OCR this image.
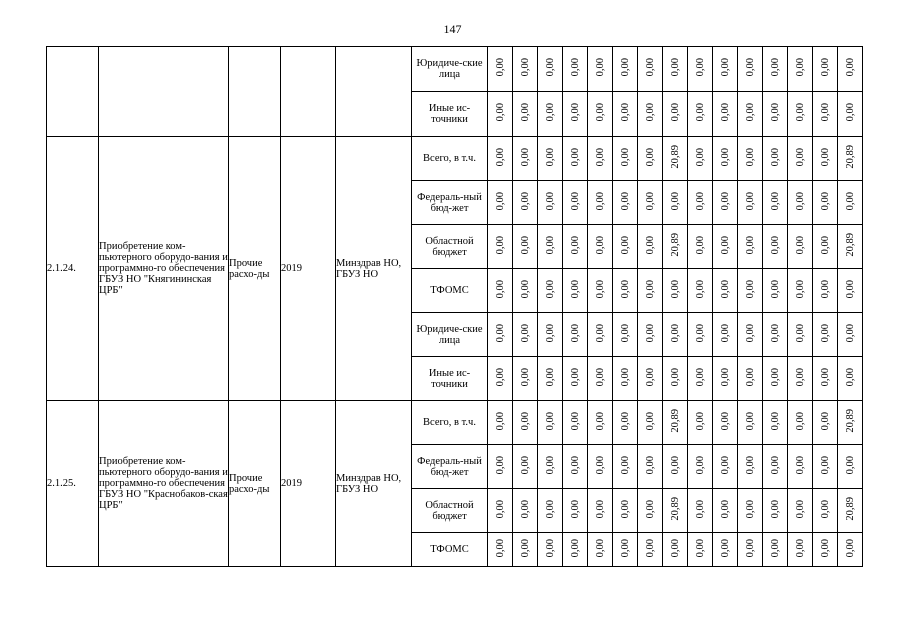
147
					Юридиче-ские лица	0,00	0,00	0,00	0,00	0,00	0,00	0,00	0,00	0,00	0,00	0,00	0,00	0,00	0,00	0,00
					Иные ис-точники	0,00	0,00	0,00	0,00	0,00	0,00	0,00	0,00	0,00	0,00	0,00	0,00	0,00	0,00	0,00
2.1.24.	Приобретение ком-пьютерного оборудо-вания и программно-го обеспечения ГБУЗ НО "Княгининская ЦРБ"	Прочие расхо-ды	2019	Минздрав НО, ГБУЗ НО	Всего, в т.ч.	0,00	0,00	0,00	0,00	0,00	0,00	0,00	20,89	0,00	0,00	0,00	0,00	0,00	0,00	20,89
					Федераль-ный бюд-жет	0,00	0,00	0,00	0,00	0,00	0,00	0,00	0,00	0,00	0,00	0,00	0,00	0,00	0,00	0,00
					Областной бюджет	0,00	0,00	0,00	0,00	0,00	0,00	0,00	20,89	0,00	0,00	0,00	0,00	0,00	0,00	20,89
					ТФОМС	0,00	0,00	0,00	0,00	0,00	0,00	0,00	0,00	0,00	0,00	0,00	0,00	0,00	0,00	0,00
					Юридиче-ские лица	0,00	0,00	0,00	0,00	0,00	0,00	0,00	0,00	0,00	0,00	0,00	0,00	0,00	0,00	0,00
					Иные ис-точники	0,00	0,00	0,00	0,00	0,00	0,00	0,00	0,00	0,00	0,00	0,00	0,00	0,00	0,00	0,00
2.1.25.	Приобретение ком-пьютерного оборудо-вания и программно-го обеспечения ГБУЗ НО "Краснобаков-ская ЦРБ"	Прочие расхо-ды	2019	Минздрав НО, ГБУЗ НО	Всего, в т.ч.	0,00	0,00	0,00	0,00	0,00	0,00	0,00	20,89	0,00	0,00	0,00	0,00	0,00	0,00	20,89
					Федераль-ный бюд-жет	0,00	0,00	0,00	0,00	0,00	0,00	0,00	0,00	0,00	0,00	0,00	0,00	0,00	0,00	0,00
					Областной бюджет	0,00	0,00	0,00	0,00	0,00	0,00	0,00	20,89	0,00	0,00	0,00	0,00	0,00	0,00	20,89
					ТФОМС	0,00	0,00	0,00	0,00	0,00	0,00	0,00	0,00	0,00	0,00	0,00	0,00	0,00	0,00	0,00
